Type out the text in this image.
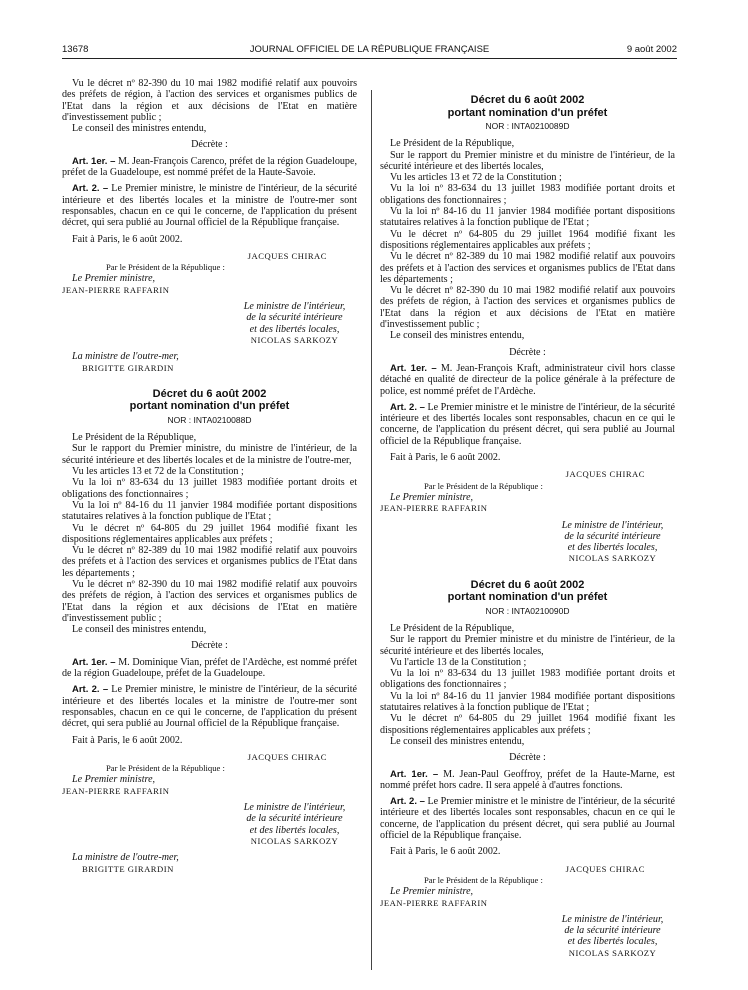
13678	JOURNAL OFFICIEL DE LA RÉPUBLIQUE FRANÇAISE	9 août 2002

Vu le décret nº 82-390 du 10 mai 1982 modifié relatif aux pouvoirs des préfets de région, à l'action des services et organismes publics de l'Etat dans la région et aux décisions de l'Etat en matière d'investissement public ;

Le conseil des ministres entendu,

Décrète :

Art. 1er. – M. Jean-François Carenco, préfet de la région Guadeloupe, préfet de la Guadeloupe, est nommé préfet de la Haute-Savoie.

Art. 2. – Le Premier ministre, le ministre de l'intérieur, de la sécurité intérieure et des libertés locales et la ministre de l'outre-mer sont responsables, chacun en ce qui le concerne, de l'application du présent décret, qui sera publié au Journal officiel de la République française.

Fait à Paris, le 6 août 2002.

JACQUES CHIRAC

Par le Président de la République :

Le Premier ministre,

JEAN-PIERRE RAFFARIN

Le ministre de l'intérieur,
de la sécurité intérieure
et des libertés locales,
NICOLAS SARKOZY

La ministre de l'outre-mer,

BRIGITTE GIRARDIN

Décret du 6 août 2002

portant nomination d'un préfet

NOR : INTA0210088D

Le Président de la République,

Sur le rapport du Premier ministre, du ministre de l'intérieur, de la sécurité intérieure et des libertés locales et de la ministre de l'outre-mer,

Vu les articles 13 et 72 de la Constitution ;

Vu la loi nº 83-634 du 13 juillet 1983 modifiée portant droits et obligations des fonctionnaires ;

Vu la loi nº 84-16 du 11 janvier 1984 modifiée portant dispositions statutaires relatives à la fonction publique de l'Etat ;

Vu le décret nº 64-805 du 29 juillet 1964 modifié fixant les dispositions réglementaires applicables aux préfets ;

Vu le décret nº 82-389 du 10 mai 1982 modifié relatif aux pouvoirs des préfets et à l'action des services et organismes publics de l'Etat dans les départements ;

Vu le décret nº 82-390 du 10 mai 1982 modifié relatif aux pouvoirs des préfets de région, à l'action des services et organismes publics de l'Etat dans la région et aux décisions de l'Etat en matière d'investissement public ;

Le conseil des ministres entendu,

Décrète :

Art. 1er. – M. Dominique Vian, préfet de l'Ardèche, est nommé préfet de la région Guadeloupe, préfet de la Guadeloupe.

Art. 2. – Le Premier ministre, le ministre de l'intérieur, de la sécurité intérieure et des libertés locales et la ministre de l'outre-mer sont responsables, chacun en ce qui le concerne, de l'application du présent décret, qui sera publié au Journal officiel de la République française.

Fait à Paris, le 6 août 2002.

JACQUES CHIRAC

Par le Président de la République :

Le Premier ministre,

JEAN-PIERRE RAFFARIN

Le ministre de l'intérieur,
de la sécurité intérieure
et des libertés locales,
NICOLAS SARKOZY

La ministre de l'outre-mer,

BRIGITTE GIRARDIN

Décret du 6 août 2002

portant nomination d'un préfet

NOR : INTA0210089D

Le Président de la République,

Sur le rapport du Premier ministre et du ministre de l'intérieur, de la sécurité intérieure et des libertés locales,

Vu les articles 13 et 72 de la Constitution ;

Vu la loi nº 83-634 du 13 juillet 1983 modifiée portant droits et obligations des fonctionnaires ;

Vu la loi nº 84-16 du 11 janvier 1984 modifiée portant dispositions statutaires relatives à la fonction publique de l'Etat ;

Vu le décret nº 64-805 du 29 juillet 1964 modifié fixant les dispositions réglementaires applicables aux préfets ;

Vu le décret nº 82-389 du 10 mai 1982 modifié relatif aux pouvoirs des préfets et à l'action des services et organismes publics de l'Etat dans les départements ;

Vu le décret nº 82-390 du 10 mai 1982 modifié relatif aux pouvoirs des préfets de région, à l'action des services et organismes publics de l'Etat dans la région et aux décisions de l'Etat en matière d'investissement public ;

Le conseil des ministres entendu,

Décrète :

Art. 1er. – M. Jean-François Kraft, administrateur civil hors classe détaché en qualité de directeur de la police générale à la préfecture de police, est nommé préfet de l'Ardèche.

Art. 2. – Le Premier ministre et le ministre de l'intérieur, de la sécurité intérieure et des libertés locales sont responsables, chacun en ce qui le concerne, de l'application du présent décret, qui sera publié au Journal officiel de la République française.

Fait à Paris, le 6 août 2002.

JACQUES CHIRAC

Par le Président de la République :

Le Premier ministre,

JEAN-PIERRE RAFFARIN

Le ministre de l'intérieur,
de la sécurité intérieure
et des libertés locales,
NICOLAS SARKOZY

Décret du 6 août 2002

portant nomination d'un préfet

NOR : INTA0210090D

Le Président de la République,

Sur le rapport du Premier ministre et du ministre de l'intérieur, de la sécurité intérieure et des libertés locales,

Vu l'article 13 de la Constitution ;

Vu la loi nº 83-634 du 13 juillet 1983 modifiée portant droits et obligations des fonctionnaires ;

Vu la loi nº 84-16 du 11 janvier 1984 modifiée portant dispositions statutaires relatives à la fonction publique de l'Etat ;

Vu le décret nº 64-805 du 29 juillet 1964 modifié fixant les dispositions réglementaires applicables aux préfets ;

Le conseil des ministres entendu,

Décrète :

Art. 1er. – M. Jean-Paul Geoffroy, préfet de la Haute-Marne, est nommé préfet hors cadre. Il sera appelé à d'autres fonctions.

Art. 2. – Le Premier ministre et le ministre de l'intérieur, de la sécurité intérieure et des libertés locales sont responsables, chacun en ce qui le concerne, de l'application du présent décret, qui sera publié au Journal officiel de la République française.

Fait à Paris, le 6 août 2002.

JACQUES CHIRAC

Par le Président de la République :

Le Premier ministre,

JEAN-PIERRE RAFFARIN

Le ministre de l'intérieur,
de la sécurité intérieure
et des libertés locales,
NICOLAS SARKOZY
